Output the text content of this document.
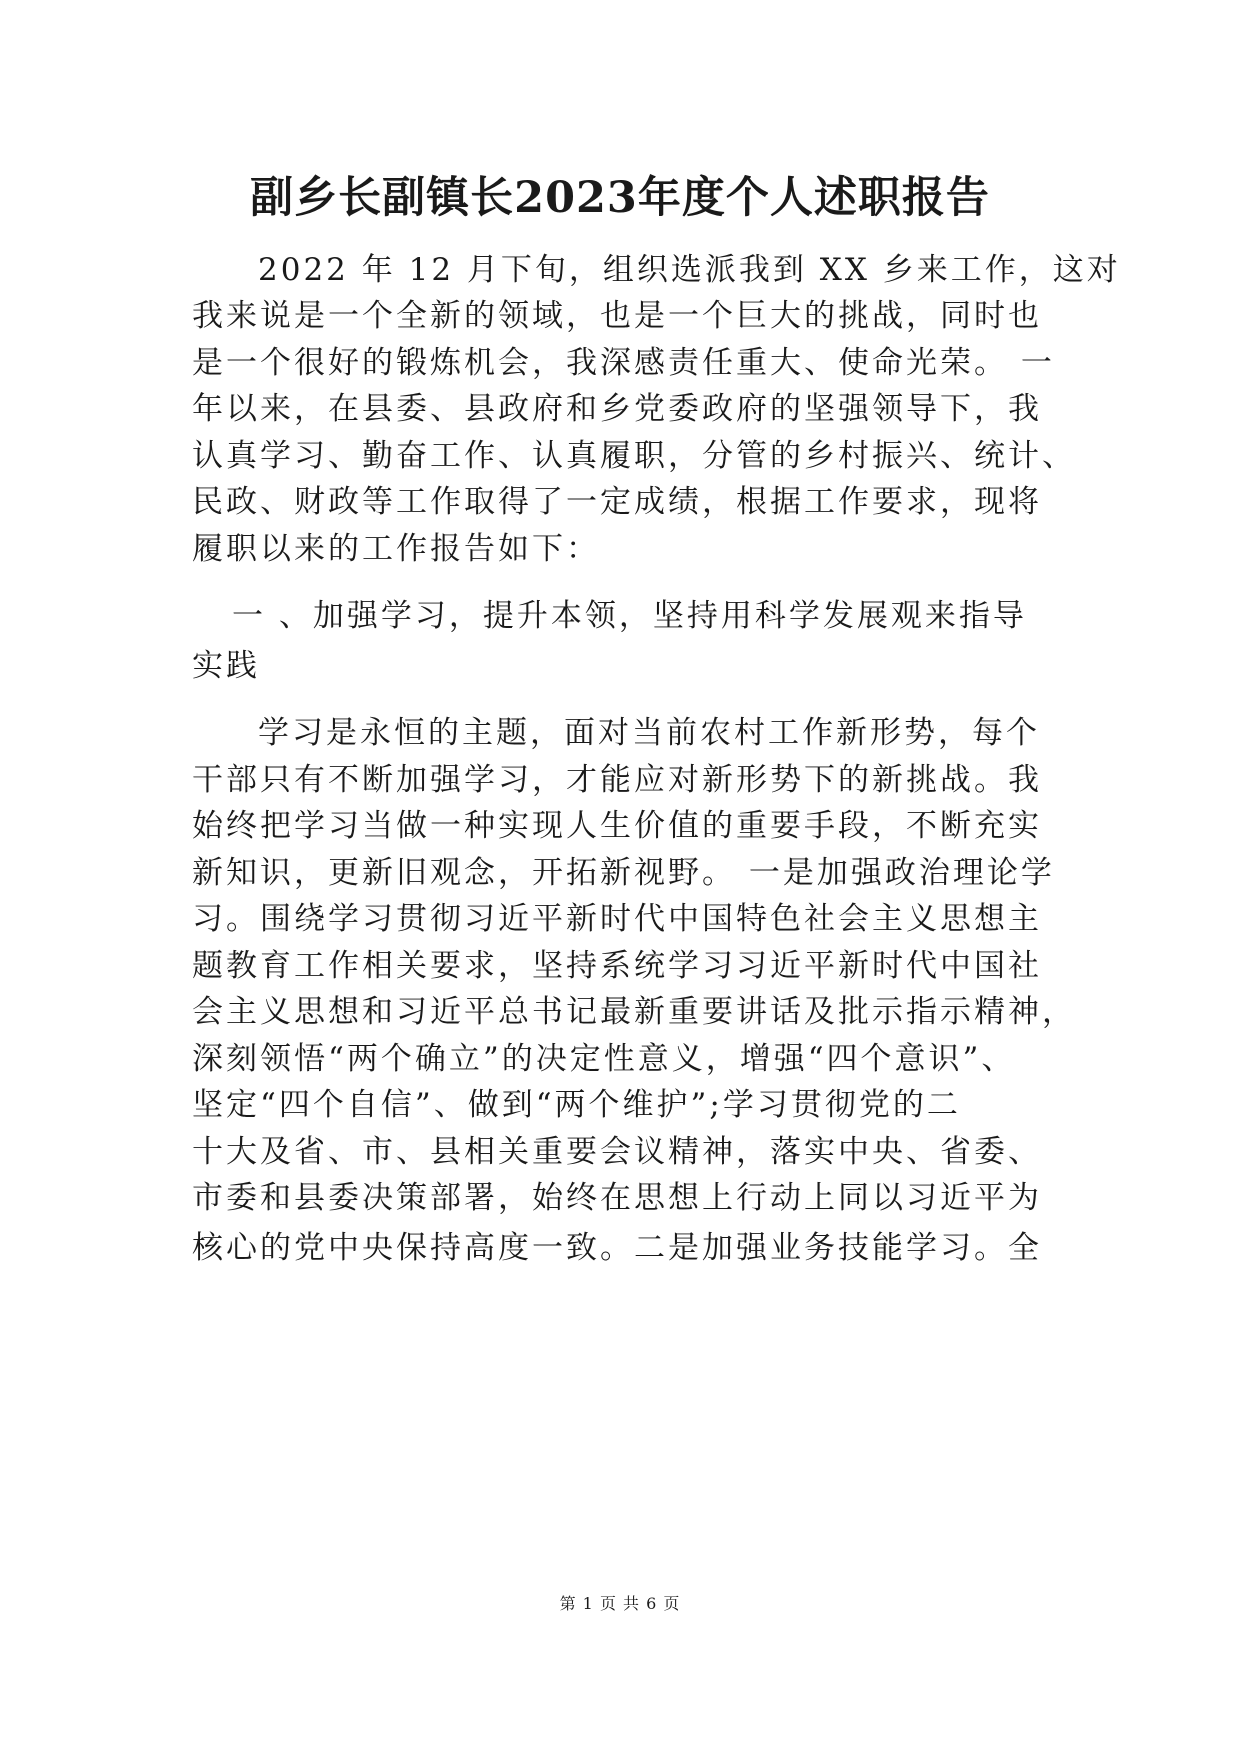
副乡长副镇长2023年度个人述职报告
2022 年 12 月下旬，组织选派我到 XX 乡来工作，这对
我来说是一个全新的领域，也是一个巨大的挑战，同时也
是一个很好的锻炼机会，我深感责任重大、使命光荣。 一
年以来，在县委、县政府和乡党委政府的坚强领导下，我
认真学习、勤奋工作、认真履职，分管的乡村振兴、统计、
民政、财政等工作取得了一定成绩，根据工作要求，现将
履职以来的工作报告如下：
一 、加强学习，提升本领，坚持用科学发展观来指导
实践
学习是永恒的主题，面对当前农村工作新形势，每个
干部只有不断加强学习，才能应对新形势下的新挑战。我
始终把学习当做一种实现人生价值的重要手段，不断充实
新知识，更新旧观念，开拓新视野。 一是加强政治理论学
习。围绕学习贯彻习近平新时代中国特色社会主义思想主
题教育工作相关要求，坚持系统学习习近平新时代中国社
会主义思想和习近平总书记最新重要讲话及批示指示精神，
深刻领悟“两个确立”的决定性意义，增强“四个意识”、
坚定“四个自信”、做到“两个维护”;学习贯彻党的二
十大及省、市、县相关重要会议精神，落实中央、省委、
市委和县委决策部署，始终在思想上行动上同以习近平为
核心的党中央保持高度一致。二是加强业务技能学习。全
第 1 页 共 6 页
